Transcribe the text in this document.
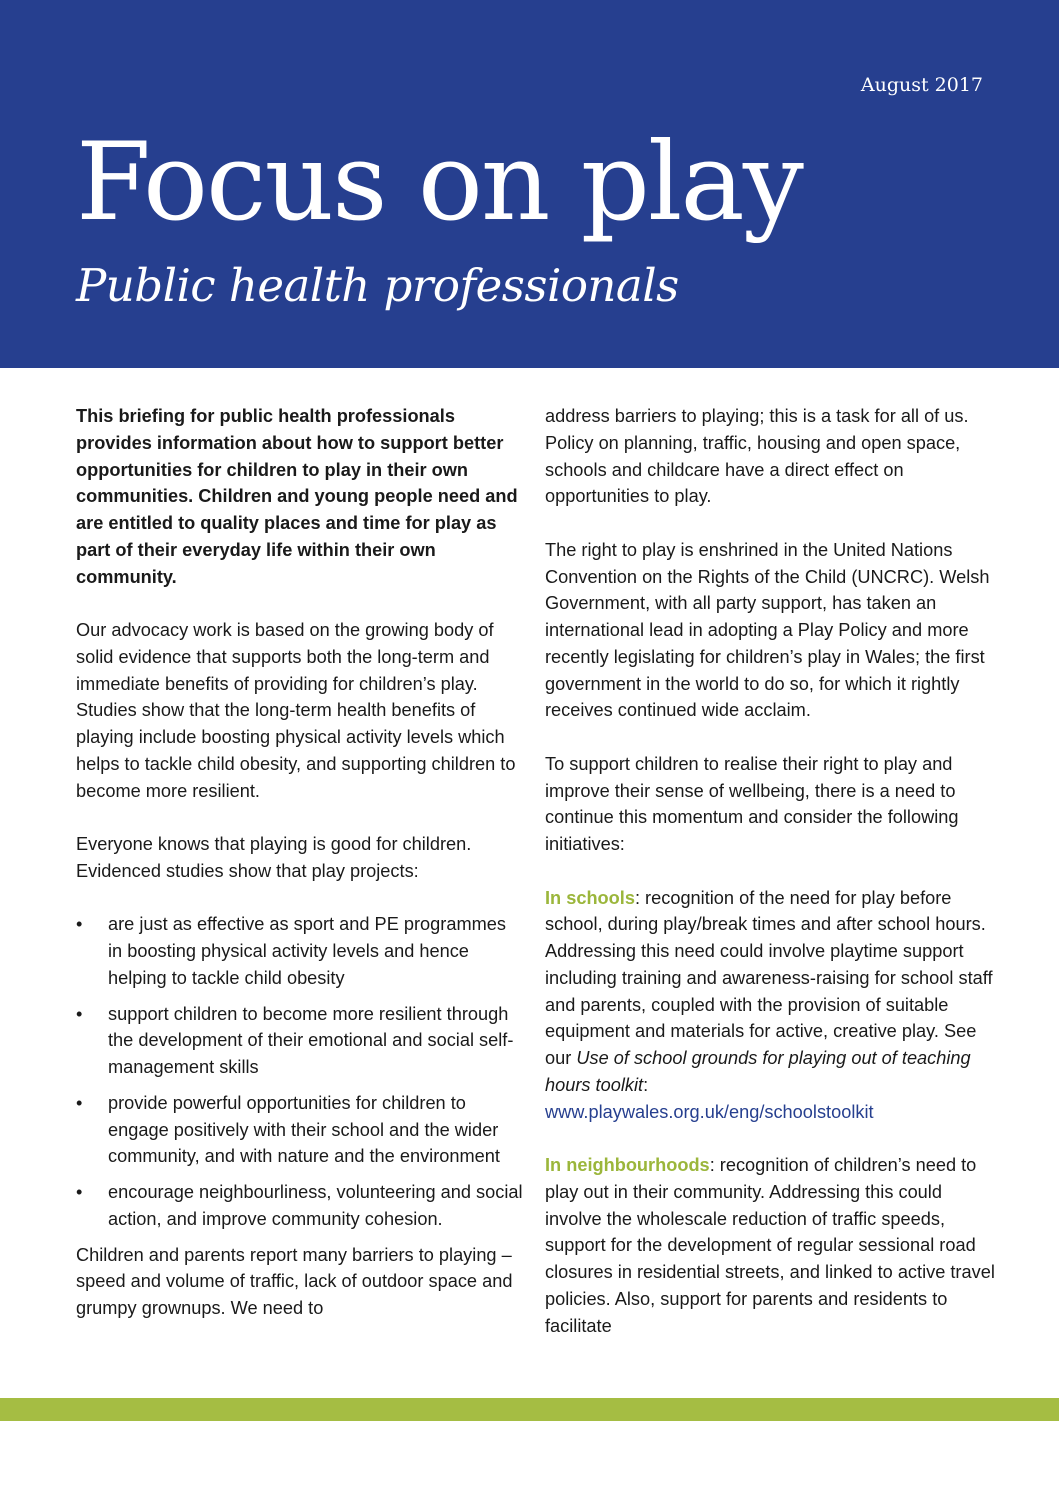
August 2017
Focus on play
Public health professionals

This briefing for public health professionals provides information about how to support better opportunities for children to play in their own communities. Children and young people need and are entitled to quality places and time for play as part of their everyday life within their own community.

Our advocacy work is based on the growing body of solid evidence that supports both the long-term and immediate benefits of providing for children’s play. Studies show that the long-term health benefits of playing include boosting physical activity levels which helps to tackle child obesity, and supporting children to become more resilient.

Everyone knows that playing is good for children. Evidenced studies show that play projects:

• are just as effective as sport and PE programmes in boosting physical activity levels and hence helping to tackle child obesity
• support children to become more resilient through the development of their emotional and social self-management skills
• provide powerful opportunities for children to engage positively with their school and the wider community, and with nature and the environment
• encourage neighbourliness, volunteering and social action, and improve community cohesion.

Children and parents report many barriers to playing – speed and volume of traffic, lack of outdoor space and grumpy grownups. We need to

address barriers to playing; this is a task for all of us. Policy on planning, traffic, housing and open space, schools and childcare have a direct effect on opportunities to play.

The right to play is enshrined in the United Nations Convention on the Rights of the Child (UNCRC). Welsh Government, with all party support, has taken an international lead in adopting a Play Policy and more recently legislating for children’s play in Wales; the first government in the world to do so, for which it rightly receives continued wide acclaim.

To support children to realise their right to play and improve their sense of wellbeing, there is a need to continue this momentum and consider the following initiatives:

In schools: recognition of the need for play before school, during play/break times and after school hours. Addressing this need could involve playtime support including training and awareness-raising for school staff and parents, coupled with the provision of suitable equipment and materials for active, creative play. See our Use of school grounds for playing out of teaching hours toolkit:
www.playwales.org.uk/eng/schoolstoolkit

In neighbourhoods: recognition of children’s need to play out in their community. Addressing this could involve the wholescale reduction of traffic speeds, support for the development of regular sessional road closures in residential streets, and linked to active travel policies. Also, support for parents and residents to facilitate
